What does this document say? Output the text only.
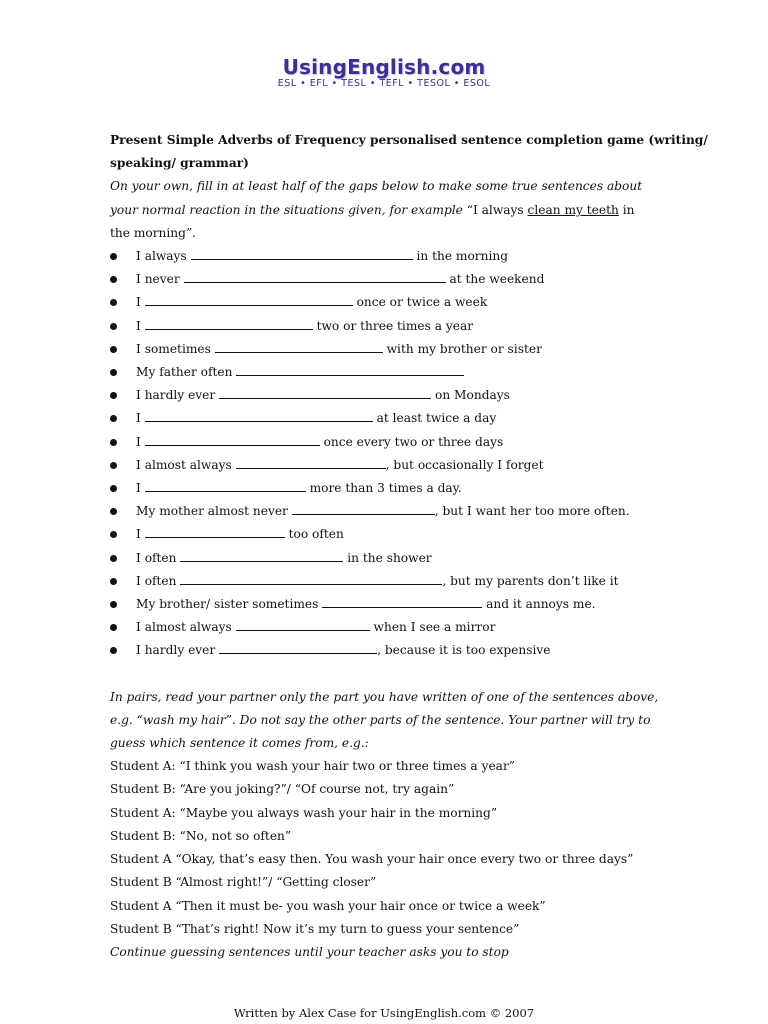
UsingEnglish.com
ESL • EFL • TESL • TEFL • TESOL • ESOL
Present Simple Adverbs of Frequency personalised sentence completion game (writing/
speaking/ grammar)
On your own, fill in at least half of the gaps below to make some true sentences about
your normal reaction in the situations given, for example “I always clean my teeth in
the morning”.
I always	in the morning
I never	at the weekend
I	once or twice a week
I	two or three times a year
I sometimes	with my brother or sister
My father often
I hardly ever	on Mondays
I	at least twice a day
I	once every two or three days
I almost always	, but occasionally I forget
I	more than 3 times a day.
My mother almost never	, but I want her too more often.
I	too often
I often	in the shower
I often	, but my parents don’t like it
My brother/ sister sometimes	and it annoys me.
I almost always	when I see a mirror
I hardly ever	, because it is too expensive
In pairs, read your partner only the part you have written of one of the sentences above,
e.g. “wash my hair”. Do not say the other parts of the sentence. Your partner will try to
guess which sentence it comes from, e.g.:
Student A: “I think you wash your hair two or three times a year”
Student B: “Are you joking?”/ “Of course not, try again”
Student A: “Maybe you always wash your hair in the morning”
Student B: “No, not so often”
Student A “Okay, that’s easy then. You wash your hair once every two or three days”
Student B “Almost right!”/ “Getting closer”
Student A “Then it must be- you wash your hair once or twice a week”
Student B “That’s right! Now it’s my turn to guess your sentence”
Continue guessing sentences until your teacher asks you to stop
Written by Alex Case for UsingEnglish.com © 2007
